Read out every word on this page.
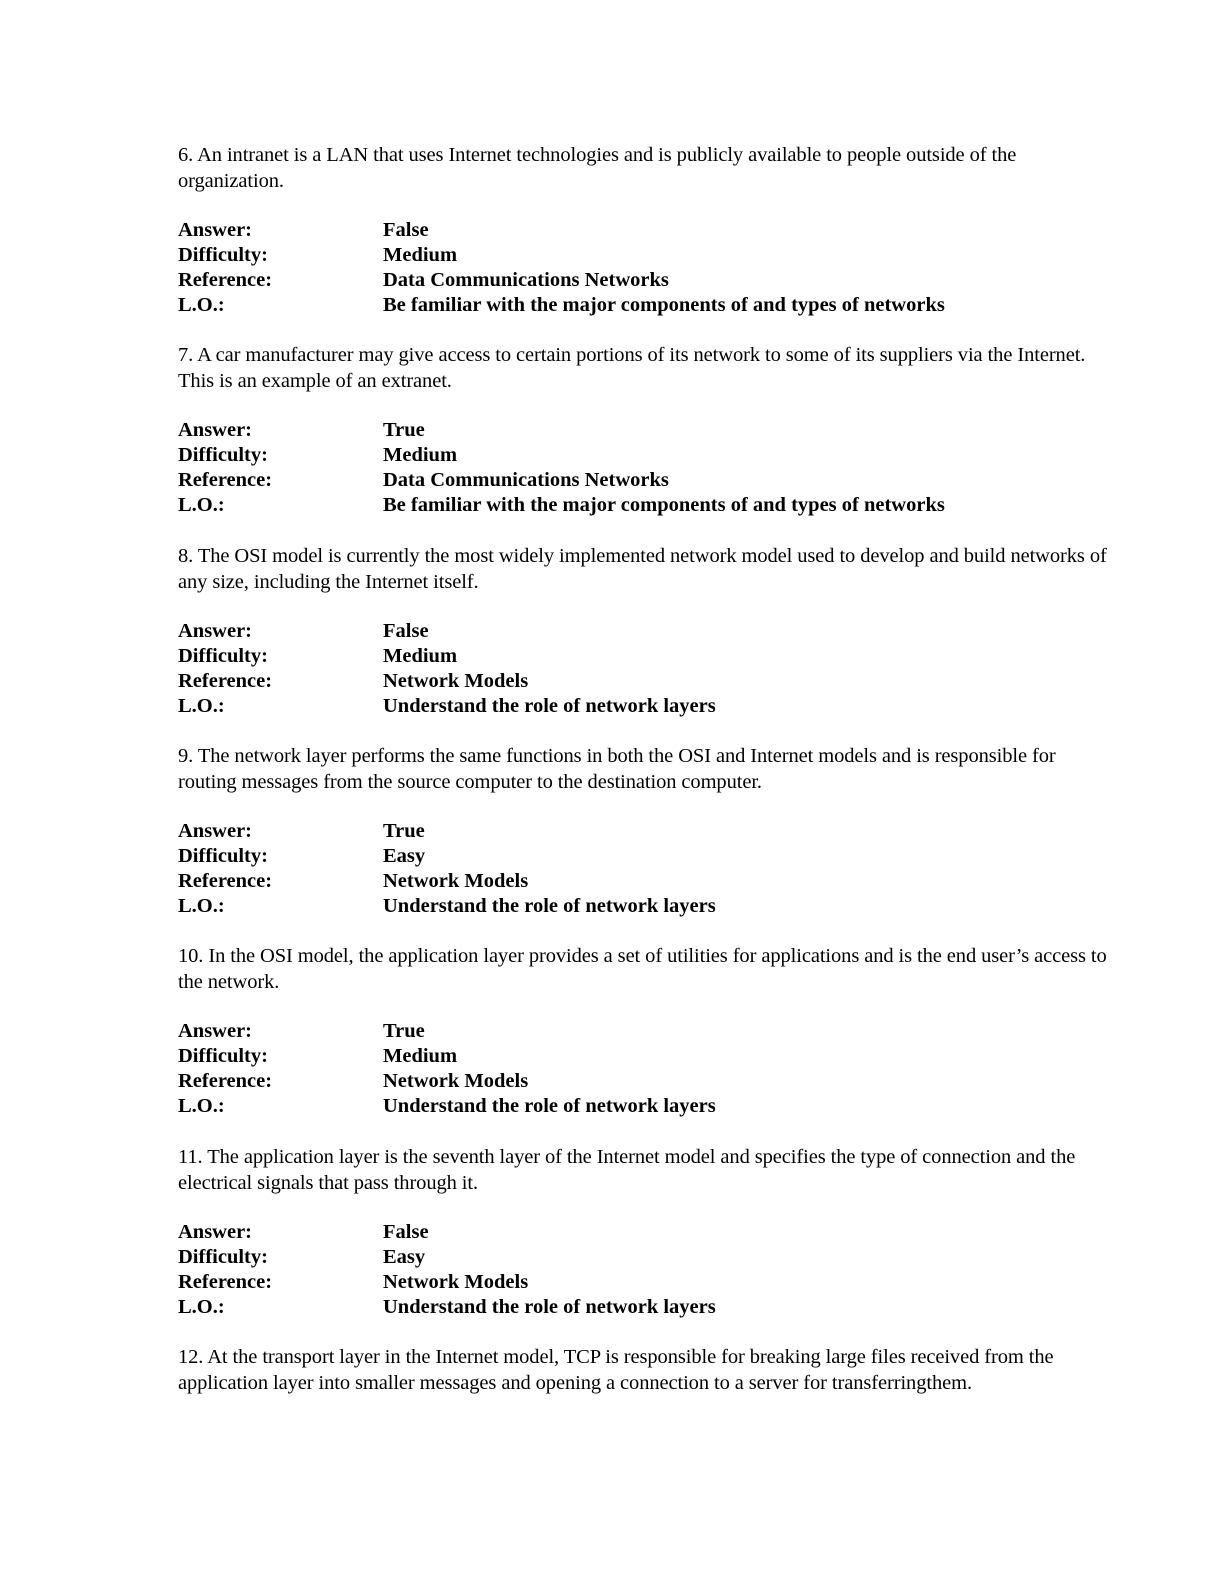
6. An intranet is a LAN that uses Internet technologies and is publicly available to people outside of the organization.

Answer:	False
Difficulty:	Medium
Reference:	Data Communications Networks
L.O.:	Be familiar with the major components of and types of networks

7. A car manufacturer may give access to certain portions of its network to some of its suppliers via the Internet. This is an example of an extranet.

Answer:	True
Difficulty:	Medium
Reference:	Data Communications Networks
L.O.:	Be familiar with the major components of and types of networks

8. The OSI model is currently the most widely implemented network model used to develop and build networks of any size, including the Internet itself.

Answer:	False
Difficulty:	Medium
Reference:	Network Models
L.O.:	Understand the role of network layers

9. The network layer performs the same functions in both the OSI and Internet models and is responsible for routing messages from the source computer to the destination computer.

Answer:	True
Difficulty:	Easy
Reference:	Network Models
L.O.:	Understand the role of network layers

10. In the OSI model, the application layer provides a set of utilities for applications and is the end user’s access to the network.

Answer:	True
Difficulty:	Medium
Reference:	Network Models
L.O.:	Understand the role of network layers

11. The application layer is the seventh layer of the Internet model and specifies the type of connection and the electrical signals that pass through it.

Answer:	False
Difficulty:	Easy
Reference:	Network Models
L.O.:	Understand the role of network layers

12. At the transport layer in the Internet model, TCP is responsible for breaking large files received from the application layer into smaller messages and opening a connection to a server for transferringthem.
